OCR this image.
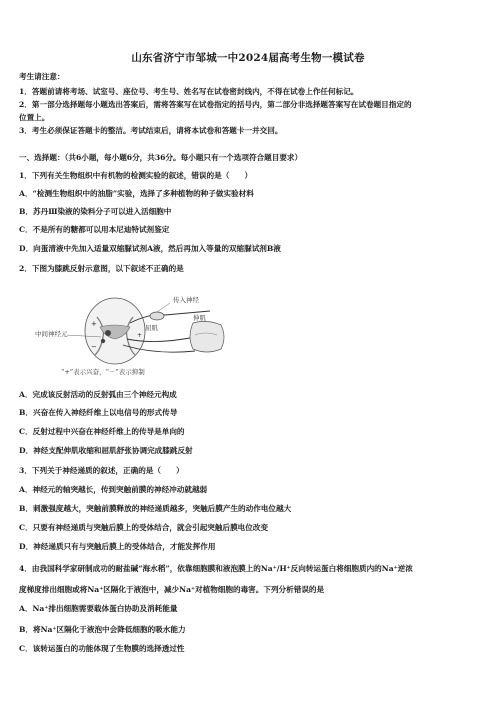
山东省济宁市邹城一中2024届高考生物一模试卷
考生请注意：
1．答题前请将考场、试室号、座位号、考生号、姓名写在试卷密封线内，不得在试卷上作任何标记。
2．第一部分选择题每小题选出答案后，需将答案写在试卷指定的括号内，第二部分非选择题答案写在试卷题目指定的
位置上。
3．考生必须保证答题卡的整洁。考试结束后，请将本试卷和答题卡一并交回。
一、选择题：（共6小题，每小题6分，共36分。每小题只有一个选项符合题目要求）
1．下列有关生物组织中有机物的检测实验的叙述，错误的是（　　）
A．“检测生物组织中的油脂”实验，选择了多种植物的种子做实验材料
B．苏丹Ⅲ染液的染料分子可以进入活细胞中
C．不是所有的糖都可以用本尼迪特试剂鉴定
D．向蛋清液中先加入适量双缩脲试剂A液，然后再加入等量的双缩脲试剂B液
2．下图为膝跳反射示意图，以下叙述不正确的是
+
−
+
传入神经
伸肌
屈肌
中间神经元
“+”表示兴奋，“－”表示抑制
A．完成该反射活动的反射弧由三个神经元构成
B．兴奋在传入神经纤维上以电信号的形式传导
C．反射过程中兴奋在神经纤维上的传导是单向的
D．神经支配伸肌收缩和屈肌舒张协调完成膝跳反射
3．下列关于神经递质的叙述，正确的是（　　）
A．神经元的轴突越长，传到突触前膜的神经冲动就越弱
B．刺激强度越大，突触前膜释放的神经递质越多，突触后膜产生的动作电位越大
C．只要有神经递质与突触后膜上的受体结合，就会引起突触后膜电位改变
D．神经递质只有与突触后膜上的受体结合，才能发挥作用
4．由我国科学家研制成功的耐盐碱“海水稻”，依靠细胞膜和液泡膜上的Na⁺/H⁺反向转运蛋白将细胞质内的Na⁺逆浓
度梯度排出细胞或将Na⁺区隔化于液泡中，减少Na⁺对植物细胞的毒害。下列分析错误的是
A．Na⁺排出细胞需要载体蛋白协助及消耗能量
B．将Na⁺区隔化于液泡中会降低细胞的吸水能力
C．该转运蛋白的功能体现了生物膜的选择透过性
